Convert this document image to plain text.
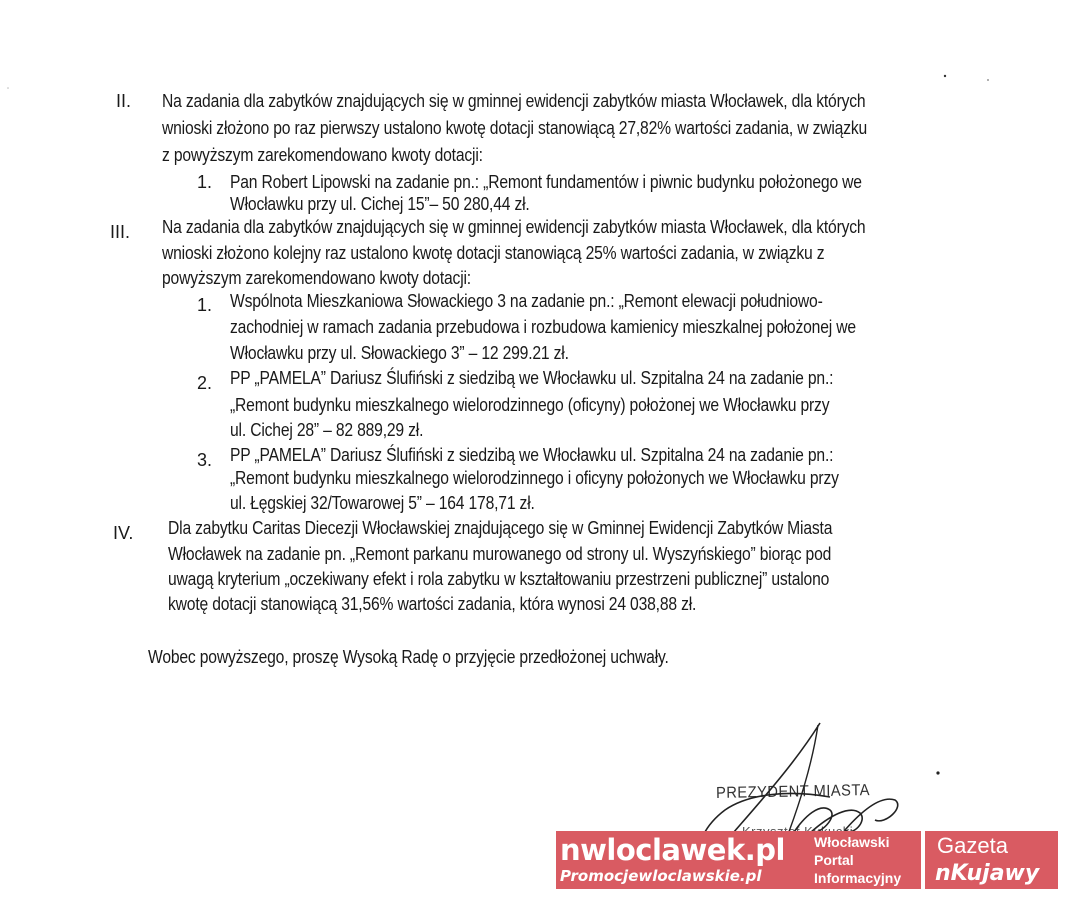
II. Na zadania dla zabytków znajdujących się w gminnej ewidencji zabytków miasta Włocławek, dla których
wnioski złożono po raz pierwszy ustalono kwotę dotacji stanowiącą 27,82% wartości zadania, w związku
z powyższym zarekomendowano kwoty dotacji:
1. Pan Robert Lipowski na zadanie pn.: „Remont fundamentów i piwnic budynku położonego we
Włocławku przy ul. Cichej 15”– 50 280,44 zł.
III. Na zadania dla zabytków znajdujących się w gminnej ewidencji zabytków miasta Włocławek, dla których
wnioski złożono kolejny raz ustalono kwotę dotacji stanowiącą 25% wartości zadania, w związku z
powyższym zarekomendowano kwoty dotacji:
1. Wspólnota Mieszkaniowa Słowackiego 3 na zadanie pn.: „Remont elewacji południowo-
zachodniej w ramach zadania przebudowa i rozbudowa kamienicy mieszkalnej położonej we
Włocławku przy ul. Słowackiego 3” – 12 299.21 zł.
2. PP „PAMELA” Dariusz Ślufiński z siedzibą we Włocławku ul. Szpitalna 24 na zadanie pn.:
„Remont budynku mieszkalnego wielorodzinnego (oficyny) położonej we Włocławku przy
ul. Cichej 28” – 82 889,29 zł.
3. PP „PAMELA” Dariusz Ślufiński z siedzibą we Włocławku ul. Szpitalna 24 na zadanie pn.:
„Remont budynku mieszkalnego wielorodzinnego i oficyny położonych we Włocławku przy
ul. Łęgskiej 32/Towarowej 5” – 164 178,71 zł.
IV. Dla zabytku Caritas Diecezji Włocławskiej znajdującego się w Gminnej Ewidencji Zabytków Miasta
Włocławek na zadanie pn. „Remont parkanu murowanego od strony ul. Wyszyńskiego” biorąc pod
uwagą kryterium „oczekiwany efekt i rola zabytku w kształtowaniu przestrzeni publicznej” ustalono
kwotę dotacji stanowiącą 31,56% wartości zadania, która wynosi 24 038,88 zł.
Wobec powyższego, proszę Wysoką Radę o przyjęcie przedłożonej uchwały.
PREZYDENT MIASTA
nwloclawek.pl
Promocjewloclawskie.pl
Włocławski
Portal
Informacyjny
Gazeta
nKujawy
